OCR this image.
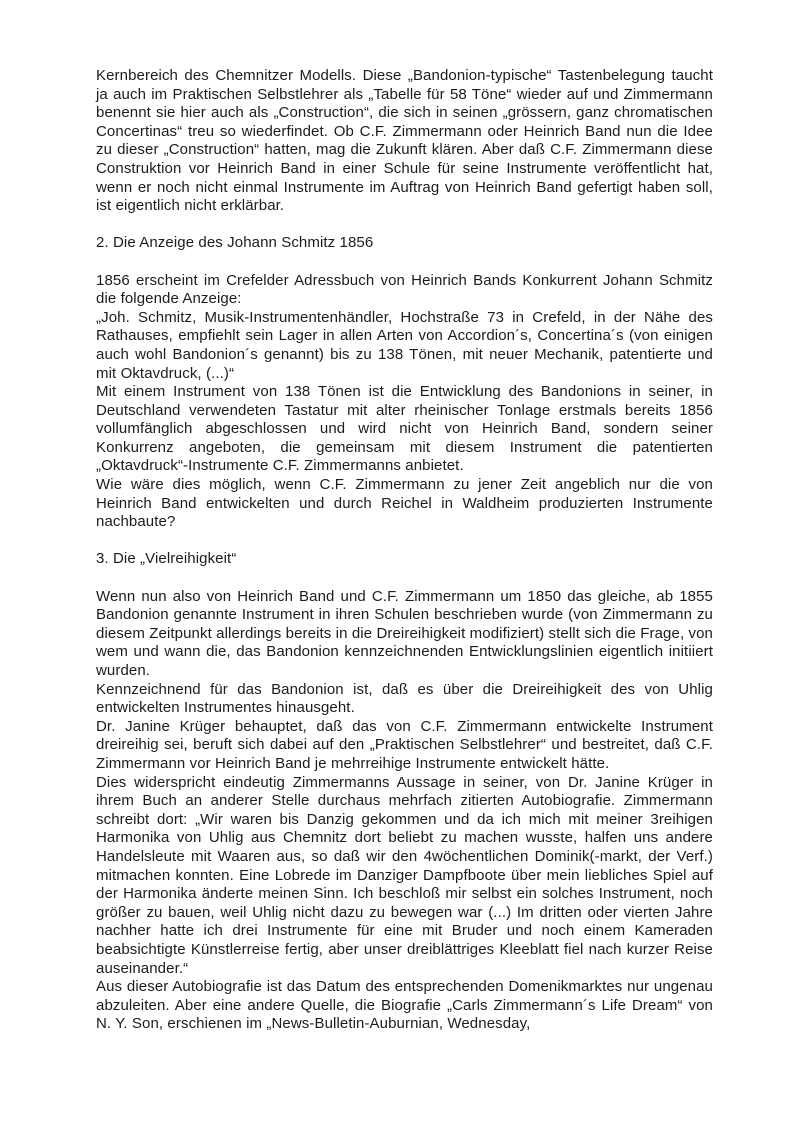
Kernbereich des Chemnitzer Modells. Diese „Bandonion-typische“ Tastenbelegung taucht ja auch im Praktischen Selbstlehrer als „Tabelle für 58 Töne“ wieder auf und Zimmermann benennt sie hier auch als „Construction“, die sich in seinen „grössern, ganz chromatischen Concertinas“ treu so wiederfindet. Ob C.F. Zimmermann oder Heinrich Band nun die Idee zu dieser „Construction“ hatten, mag die Zukunft klären. Aber daß C.F. Zimmermann diese Construktion vor Heinrich Band in einer Schule für seine Instrumente veröffentlicht hat, wenn er noch nicht einmal Instrumente im Auftrag von Heinrich Band gefertigt haben soll, ist eigentlich nicht erklärbar.

2. Die Anzeige des Johann Schmitz 1856

1856 erscheint im Crefelder Adressbuch von Heinrich Bands Konkurrent Johann Schmitz die folgende Anzeige:

„Joh. Schmitz, Musik-Instrumentenhändler, Hochstraße 73 in Crefeld, in der Nähe des Rathauses, empfiehlt sein Lager in allen Arten von Accordion´s, Concertina´s (von einigen auch wohl Bandonion´s genannt) bis zu 138 Tönen, mit neuer Mechanik, patentierte und mit Oktavdruck, (...)“

Mit einem Instrument von 138 Tönen ist die Entwicklung des Bandonions in seiner, in Deutschland verwendeten Tastatur mit alter rheinischer Tonlage erstmals bereits 1856 vollumfänglich abgeschlossen und wird nicht von Heinrich Band, sondern seiner Konkurrenz angeboten, die gemeinsam mit diesem Instrument die patentierten „Oktavdruck“-Instrumente C.F. Zimmermanns anbietet.

Wie wäre dies möglich, wenn C.F. Zimmermann zu jener Zeit angeblich nur die von Heinrich Band entwickelten und durch Reichel in Waldheim produzierten Instrumente nachbaute?

3. Die „Vielreihigkeit“

Wenn nun also von Heinrich Band und C.F. Zimmermann um 1850 das gleiche, ab 1855 Bandonion genannte Instrument in ihren Schulen beschrieben wurde (von Zimmermann zu diesem Zeitpunkt allerdings bereits in die Dreireihigkeit modifiziert) stellt sich die Frage, von wem und wann die, das Bandonion kennzeichnenden Entwicklungslinien eigentlich initiiert wurden.

Kennzeichnend für das Bandonion ist, daß es über die Dreireihigkeit des von Uhlig entwickelten Instrumentes hinausgeht.

Dr. Janine Krüger behauptet, daß das von C.F. Zimmermann entwickelte Instrument dreireihig sei, beruft sich dabei auf den „Praktischen Selbstlehrer“ und bestreitet, daß C.F. Zimmermann vor Heinrich Band je mehrreihige Instrumente entwickelt hätte.

Dies widerspricht eindeutig Zimmermanns Aussage in seiner, von Dr. Janine Krüger in ihrem Buch an anderer Stelle durchaus mehrfach zitierten Autobiografie. Zimmermann schreibt dort: „Wir waren bis Danzig gekommen und da ich mich mit meiner 3reihigen Harmonika von Uhlig aus Chemnitz dort beliebt zu machen wusste, halfen uns andere Handelsleute mit Waaren aus, so daß wir den 4wöchentlichen Dominik(-markt, der Verf.) mitmachen konnten. Eine Lobrede im Danziger Dampfboote über mein liebliches Spiel auf der Harmonika änderte meinen Sinn. Ich beschloß mir selbst ein solches Instrument, noch größer zu bauen, weil Uhlig nicht dazu zu bewegen war (...) Im dritten oder vierten Jahre nachher hatte ich drei Instrumente für eine mit Bruder und noch einem Kameraden beabsichtigte Künstlerreise fertig, aber unser dreiblättriges Kleeblatt fiel nach kurzer Reise auseinander.“

Aus dieser Autobiografie ist das Datum des entsprechenden Domenikmarktes nur ungenau abzuleiten. Aber eine andere Quelle, die Biografie „Carls Zimmermann´s Life Dream“ von N. Y. Son, erschienen im „News-Bulletin-Auburnian, Wednesday,
